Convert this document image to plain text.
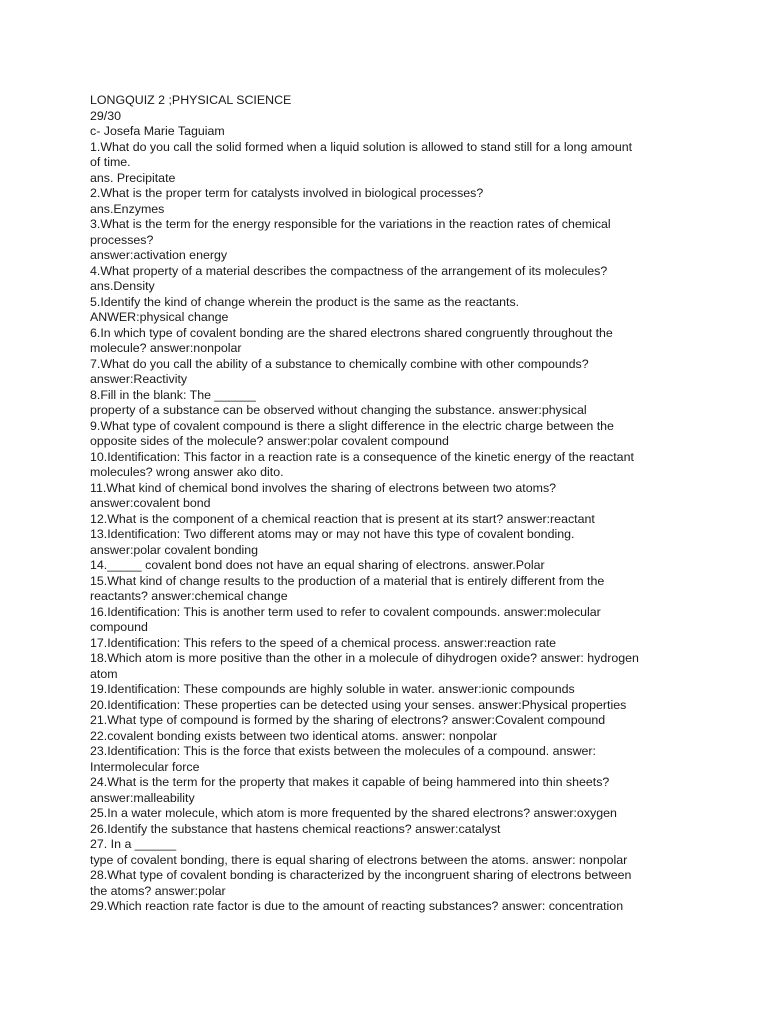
LONGQUIZ 2 ;PHYSICAL SCIENCE

29/30

c- Josefa Marie Taguiam

1.What do you call the solid formed when a liquid solution is allowed to stand still for a long amount

of time.

ans. Precipitate

2.What is the proper term for catalysts involved in biological processes?

ans.Enzymes

3.What is the term for the energy responsible for the variations in the reaction rates of chemical

processes?

answer:activation energy

4.What property of a material describes the compactness of the arrangement of its molecules?

ans.Density

5.Identify the kind of change wherein the product is the same as the reactants.

ANWER:physical change

6.In which type of covalent bonding are the shared electrons shared congruently throughout the

molecule? answer:nonpolar

7.What do you call the ability of a substance to chemically combine with other compounds?

answer:Reactivity

8.Fill in the blank: The ______

property of a substance can be observed without changing the substance. answer:physical

9.What type of covalent compound is there a slight difference in the electric charge between the

opposite sides of the molecule? answer:polar covalent compound

10.Identification: This factor in a reaction rate is a consequence of the kinetic energy of the reactant

molecules? wrong answer ako dito.

11.What kind of chemical bond involves the sharing of electrons between two atoms?

answer:covalent bond

12.What is the component of a chemical reaction that is present at its start? answer:reactant

13.Identification: Two different atoms may or may not have this type of covalent bonding.

answer:polar covalent bonding

14._____ covalent bond does not have an equal sharing of electrons. answer.Polar

15.What kind of change results to the production of a material that is entirely different from the

reactants? answer:chemical change

16.Identification: This is another term used to refer to covalent compounds. answer:molecular

compound

17.Identification: This refers to the speed of a chemical process. answer:reaction rate

18.Which atom is more positive than the other in a molecule of dihydrogen oxide? answer: hydrogen

atom

19.Identification: These compounds are highly soluble in water. answer:ionic compounds

20.Identification: These properties can be detected using your senses. answer:Physical properties

21.What type of compound is formed by the sharing of electrons? answer:Covalent compound

22.covalent bonding exists between two identical atoms. answer: nonpolar

23.Identification: This is the force that exists between the molecules of a compound. answer:

Intermolecular force

24.What is the term for the property that makes it capable of being hammered into thin sheets?

answer:malleability

25.In a water molecule, which atom is more frequented by the shared electrons? answer:oxygen

26.Identify the substance that hastens chemical reactions? answer:catalyst

27. In a ______

type of covalent bonding, there is equal sharing of electrons between the atoms. answer: nonpolar

28.What type of covalent bonding is characterized by the incongruent sharing of electrons between

the atoms? answer:polar

29.Which reaction rate factor is due to the amount of reacting substances? answer: concentration
